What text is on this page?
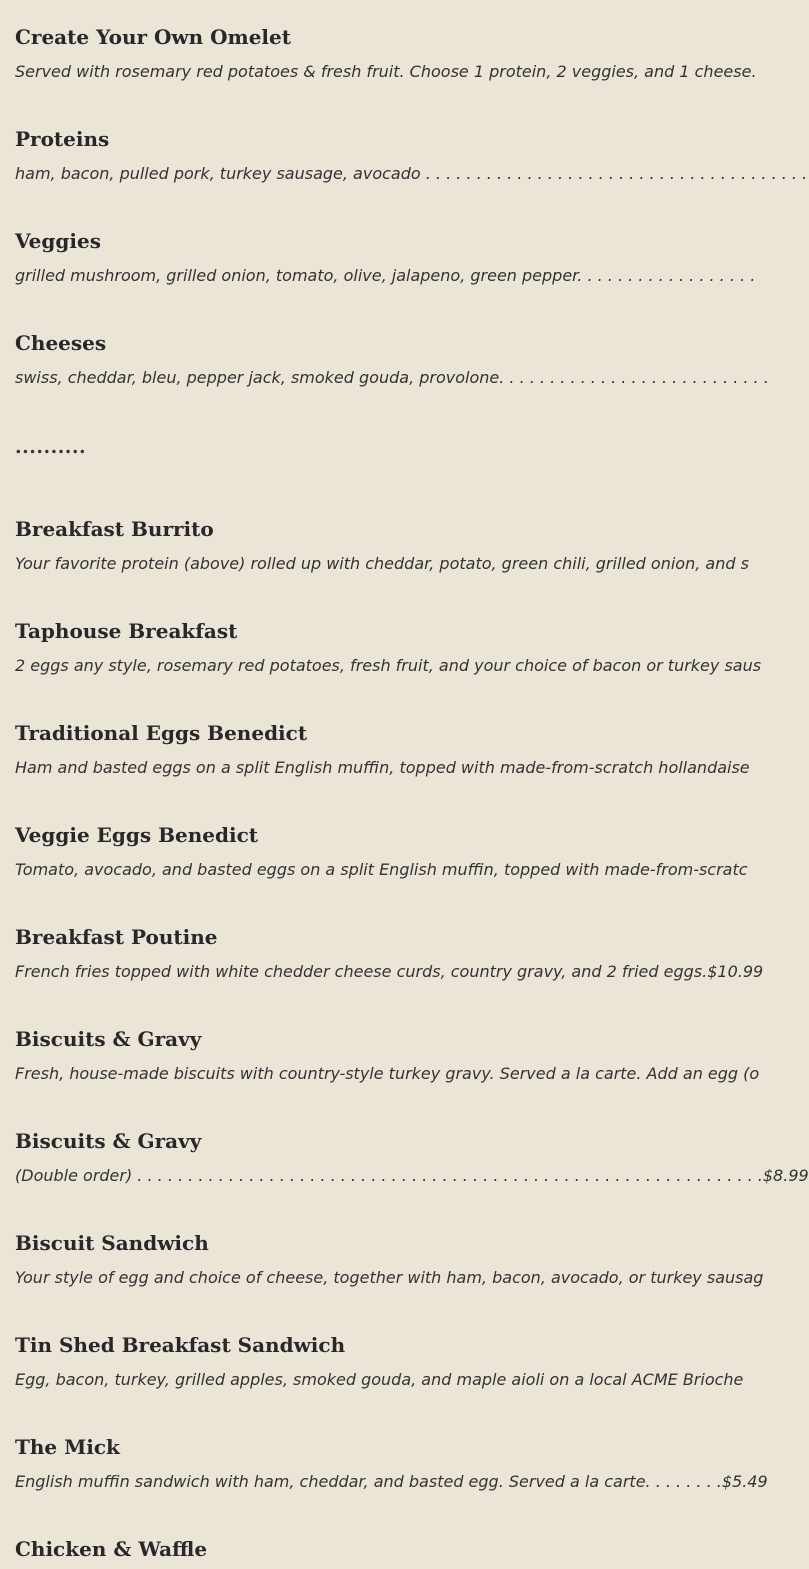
Create Your Own Omelet
Served with rosemary red potatoes & fresh fruit. Choose 1 protein, 2 veggies, and 1 cheese.
Proteins
ham, bacon, pulled pork, turkey sausage, avocado . . . . . . . . . . . . . . . . . . . . . . . . . . . . . . . . . . . . . .
Veggies
grilled mushroom, grilled onion, tomato, olive, jalapeno, green pepper. . . . . . . . . . . . . . . . . .
Cheeses
swiss, cheddar, bleu, pepper jack, smoked gouda, provolone. . . . . . . . . . . . . . . . . . . . . . . . . . .
..........
Breakfast Burrito
Your favorite protein (above) rolled up with cheddar, potato, green chili, grilled onion, and s
Taphouse Breakfast
2 eggs any style, rosemary red potatoes, fresh fruit, and your choice of bacon or turkey saus
Traditional Eggs Benedict
Ham and basted eggs on a split English muffin, topped with made-from-scratch hollandaise
Veggie Eggs Benedict
Tomato, avocado, and basted eggs on a split English muffin, topped with made-from-scratc
Breakfast Poutine
French fries topped with white chedder cheese curds, country gravy, and 2 fried eggs.$10.99
Biscuits & Gravy
Fresh, house-made biscuits with country-style turkey gravy. Served a la carte. Add an egg (o
Biscuits & Gravy
(Double order) . . . . . . . . . . . . . . . . . . . . . . . . . . . . . . . . . . . . . . . . . . . . . . . . . . . . . . . . . . . . . .$8.99
Biscuit Sandwich
Your style of egg and choice of cheese, together with ham, bacon, avocado, or turkey sausag
Tin Shed Breakfast Sandwich
Egg, bacon, turkey, grilled apples, smoked gouda, and maple aioli on a local ACME Brioche
The Mick
English muffin sandwich with ham, cheddar, and basted egg. Served a la carte. . . . . . . .$5.49
Chicken & Waffle
